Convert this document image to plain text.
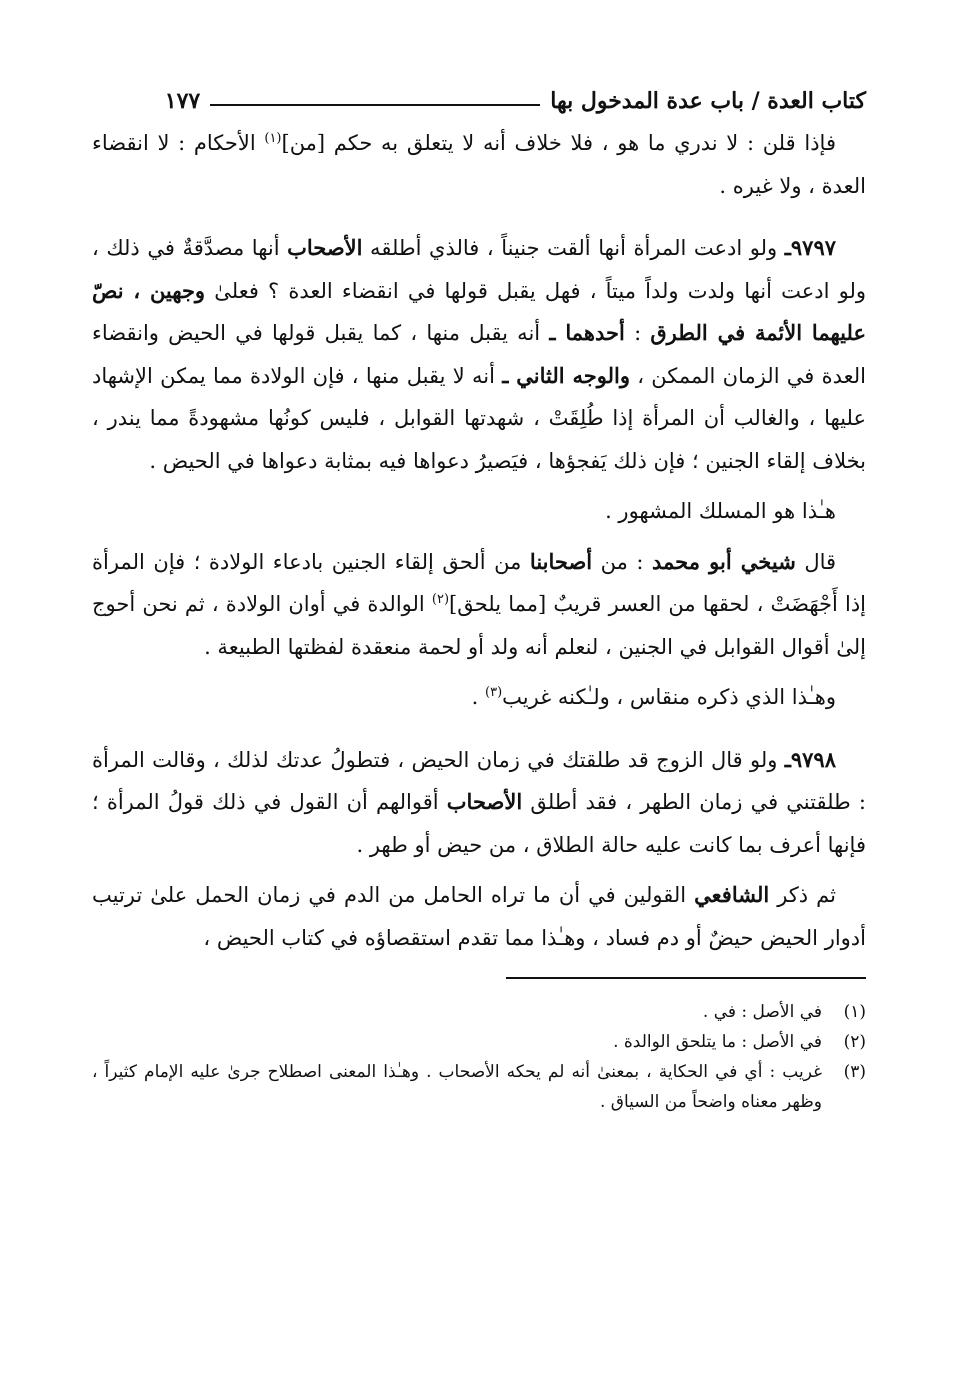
كتاب العدة / باب عدة المدخول بها
١٧٧

فإذا قلن : لا ندري ما هو ، فلا خلاف أنه لا يتعلق به حكم [من]$^{(١)}$ الأحكام : لا انقضاء العدة ، ولا غيره .

٩٧٩٧ـ ولو ادعت المرأة أنها ألقت جنيناً ، فالذي أطلقه الأصحاب أنها مصدَّقةٌ في ذلك ، ولو ادعت أنها ولدت ولداً ميتاً ، فهل يقبل قولها في انقضاء العدة ؟ فعلىٰ وجهين ، نصّ عليهما الأئمة في الطرق : أحدهما ـ أنه يقبل منها ، كما يقبل قولها في الحيض وانقضاء العدة في الزمان الممكن ، والوجه الثاني ـ أنه لا يقبل منها ، فإن الولادة مما يمكن الإشهاد عليها ، والغالب أن المرأة إذا طُلِقَتْ ، شهدتها القوابل ، فليس كونُها مشهودةً مما يندر ، بخلاف إلقاء الجنين ؛ فإن ذلك يَفجؤها ، فيَصيرُ دعواها فيه بمثابة دعواها في الحيض .

هـٰذا هو المسلك المشهور .

قال شيخي أبو محمد : من أصحابنا من ألحق إلقاء الجنين بادعاء الولادة ؛ فإن المرأة إذا أَجْهَضَتْ ، لحقها من العسر قريبٌ [مما يلحق]$^{(٢)}$ الوالدة في أوان الولادة ، ثم نحن أحوج إلىٰ أقوال القوابل في الجنين ، لنعلم أنه ولد أو لحمة منعقدة لفظتها الطبيعة .

وهـٰذا الذي ذكره منقاس ، ولـٰكنه غريب$^{(٣)}$ .

٩٧٩٨ـ ولو قال الزوج قد طلقتك في زمان الحيض ، فتطولُ عدتك لذلك ، وقالت المرأة : طلقتني في زمان الطهر ، فقد أطلق الأصحاب أقوالهم أن القول في ذلك قولُ المرأة ؛ فإنها أعرف بما كانت عليه حالة الطلاق ، من حيض أو طهر .

ثم ذكر الشافعي القولين في أن ما تراه الحامل من الدم في زمان الحمل علىٰ ترتيب أدوار الحيض حيضٌ أو دم فساد ، وهـٰذا مما تقدم استقصاؤه في كتاب الحيض ،

(١)
في الأصل : في .
(٢)
في الأصل : ما يتلحق الوالدة .
(٣)
غريب : أي في الحكاية ، بمعنىٰ أنه لم يحكه الأصحاب . وهـٰذا المعنى اصطلاح جرىٰ عليه الإمام كثيراً ، وظهر معناه واضحاً من السياق .
